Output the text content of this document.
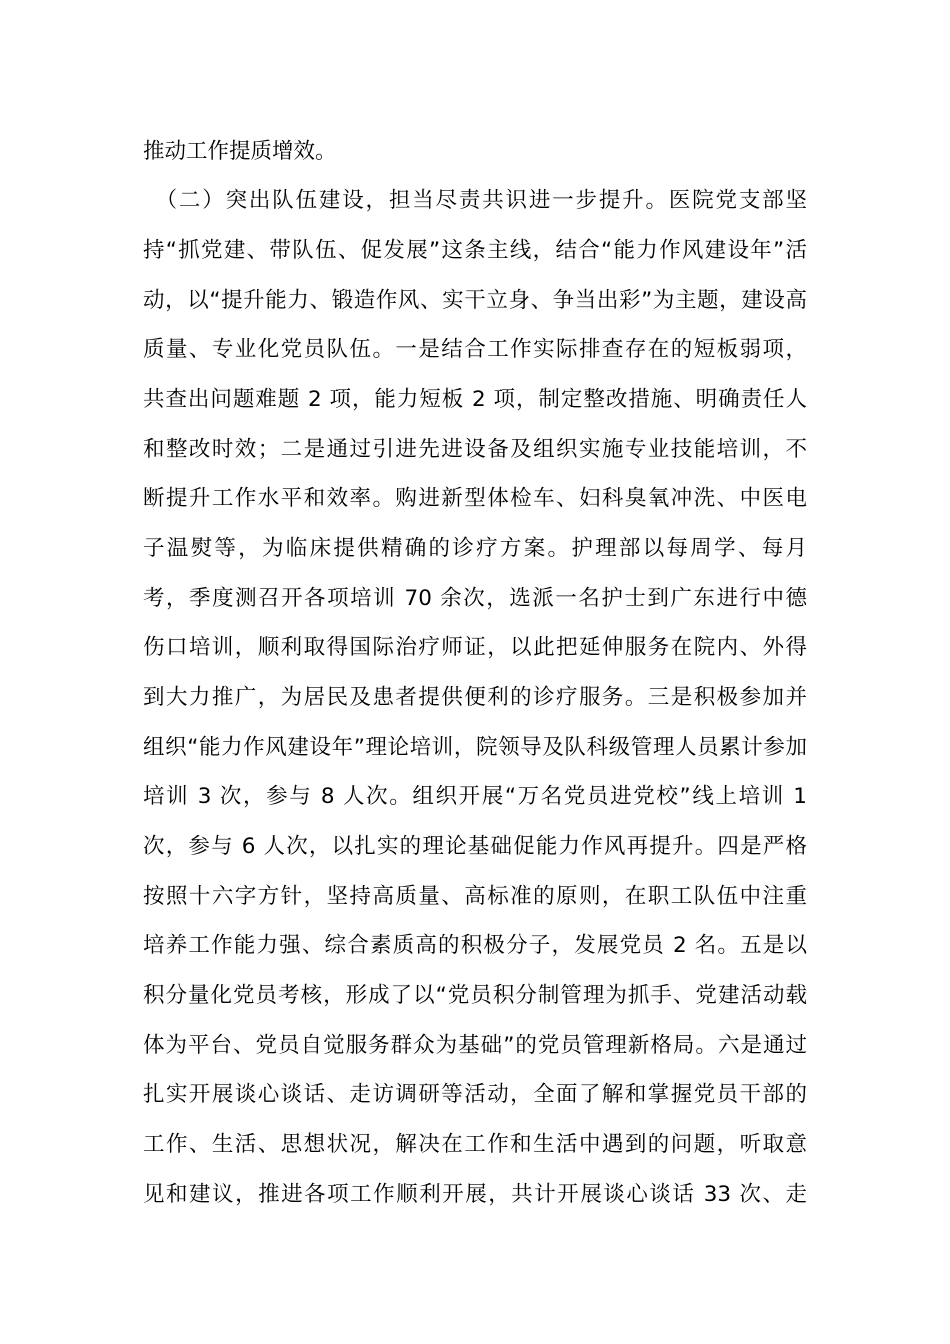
推动工作提质增效。
　（二）突出队伍建设，担当尽责共识进一步提升。医院党支部坚
持“抓党建、带队伍、促发展”这条主线，结合“能力作风建设年”活
动，以“提升能力、锻造作风、实干立身、争当出彩”为主题，建设高
质量、专业化党员队伍。一是结合工作实际排查存在的短板弱项，
共查出问题难题 2 项，能力短板 2 项，制定整改措施、明确责任人
和整改时效；二是通过引进先进设备及组织实施专业技能培训，不
断提升工作水平和效率。购进新型体检车、妇科臭氧冲洗、中医电
子温熨等，为临床提供精确的诊疗方案。护理部以每周学、每月
考，季度测召开各项培训 70 余次，选派一名护士到广东进行中德
伤口培训，顺利取得国际治疗师证，以此把延伸服务在院内、外得
到大力推广，为居民及患者提供便利的诊疗服务。三是积极参加并
组织“能力作风建设年”理论培训，院领导及队科级管理人员累计参加
培训 3 次，参与 8 人次。组织开展“万名党员进党校”线上培训 1
次，参与 6 人次，以扎实的理论基础促能力作风再提升。四是严格
按照十六字方针，坚持高质量、高标准的原则，在职工队伍中注重
培养工作能力强、综合素质高的积极分子，发展党员 2 名。五是以
积分量化党员考核，形成了以“党员积分制管理为抓手、党建活动载
体为平台、党员自觉服务群众为基础”的党员管理新格局。六是通过
扎实开展谈心谈话、走访调研等活动，全面了解和掌握党员干部的
工作、生活、思想状况，解决在工作和生活中遇到的问题，听取意
见和建议，推进各项工作顺利开展，共计开展谈心谈话 33 次、走
